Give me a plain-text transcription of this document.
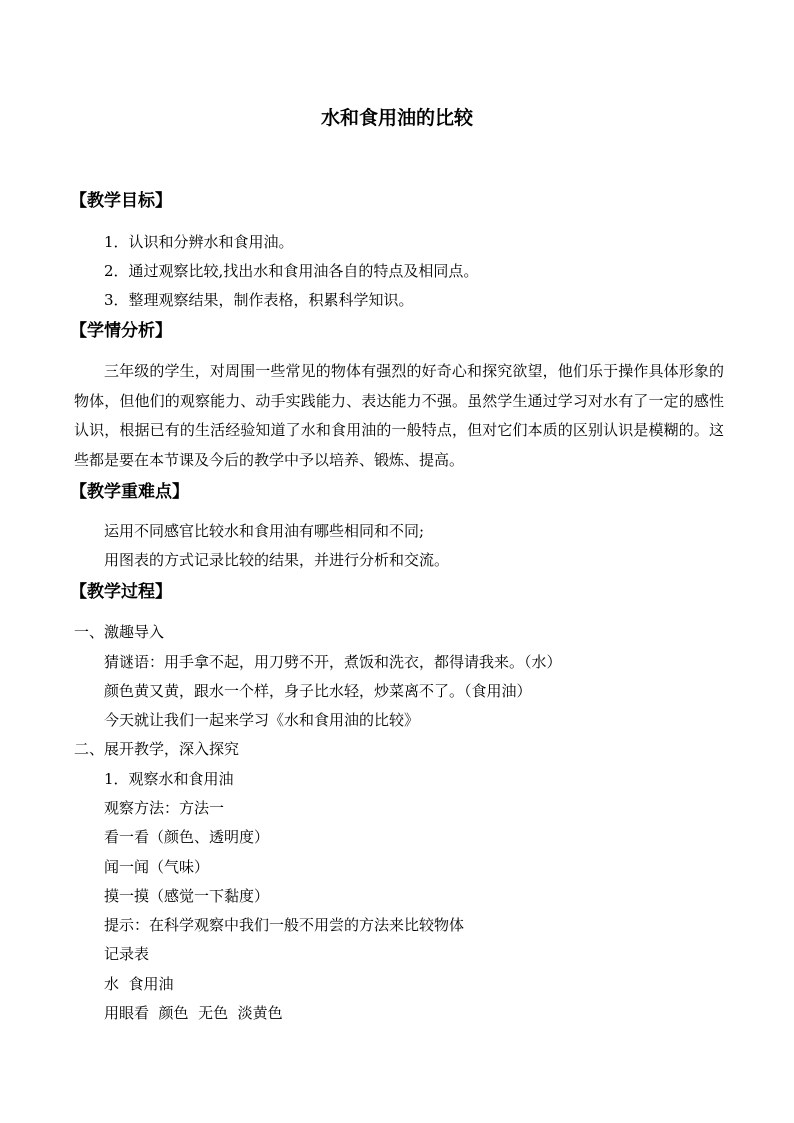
水和食用油的比较
【教学目标】
1．认识和分辨水和食用油。
2．通过观察比较,找出水和食用油各自的特点及相同点。
3．整理观察结果，制作表格，积累科学知识。
【学情分析】
三年级的学生，对周围一些常见的物体有强烈的好奇心和探究欲望，他们乐于操作具体形象的物体，但他们的观察能力、动手实践能力、表达能力不强。虽然学生通过学习对水有了一定的感性认识，根据已有的生活经验知道了水和食用油的一般特点，但对它们本质的区别认识是模糊的。这些都是要在本节课及今后的教学中予以培养、锻炼、提高。
【教学重难点】
运用不同感官比较水和食用油有哪些相同和不同;
用图表的方式记录比较的结果，并进行分析和交流。
【教学过程】
一、激趣导入
猜谜语：用手拿不起，用刀劈不开，煮饭和洗衣，都得请我来。（水）
颜色黄又黄，跟水一个样，身子比水轻，炒菜离不了。（食用油）
今天就让我们一起来学习《水和食用油的比较》
二、展开教学，深入探究
1．观察水和食用油
观察方法：方法一
看一看（颜色、透明度）
闻一闻（气味）
摸一摸（感觉一下黏度）
提示：在科学观察中我们一般不用尝的方法来比较物体
记录表
水  食用油
用眼看  颜色  无色  淡黄色
